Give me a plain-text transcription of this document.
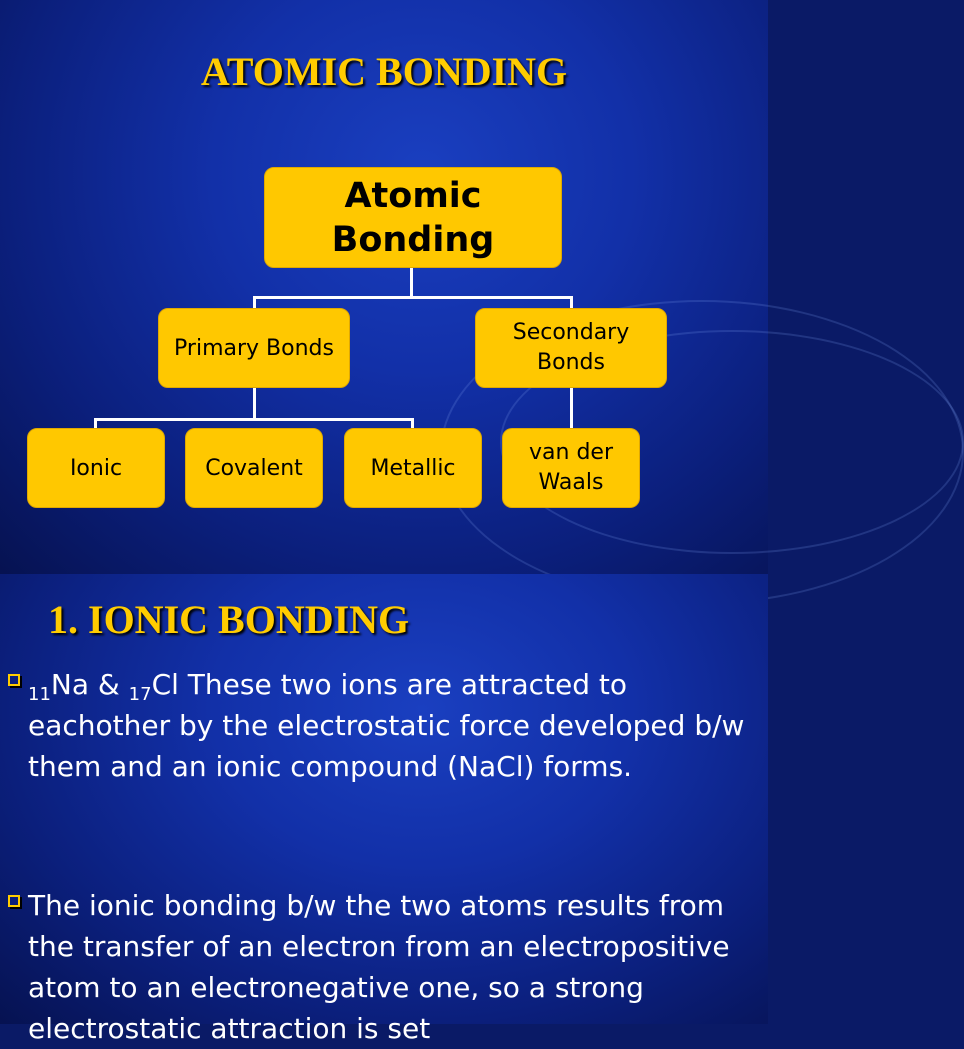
ATOMIC BONDING
Atomic Bonding
Primary Bonds
Secondary Bonds
Ionic	Covalent	Metallic
van der Waals
1. IONIC BONDING
$_{11}$Na & $_{17}$Cl These two ions are attracted to eachother by the electrostatic force developed b/w them and an ionic compound (NaCl) forms.
The ionic bonding b/w the two atoms results from the transfer of an electron from an electropositive atom to an electronegative one, so a strong electrostatic attraction is set
